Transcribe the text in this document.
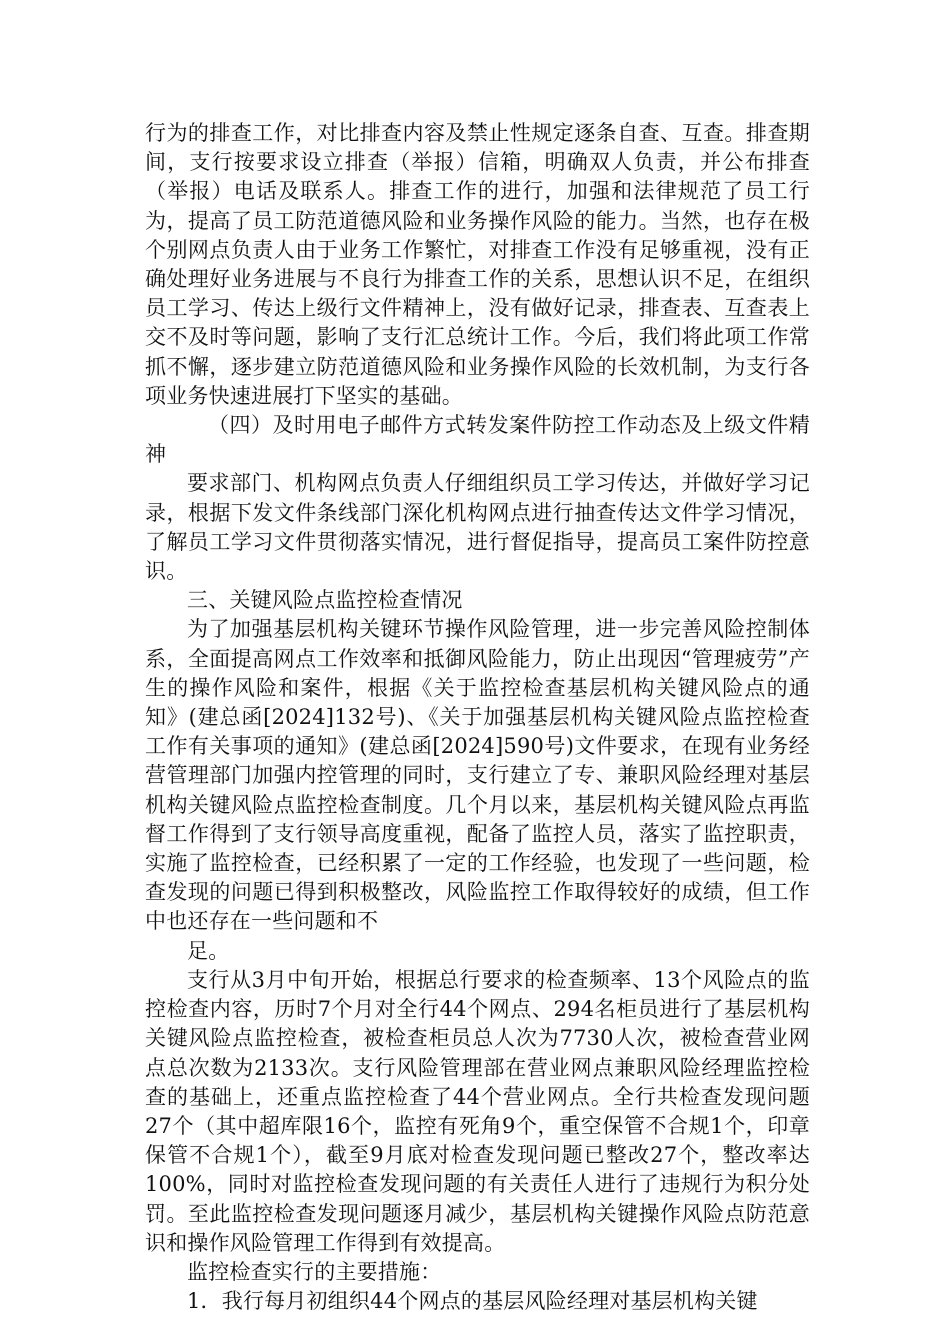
行为的排查工作，对比排查内容及禁止性规定逐条自查、互查。排查期间，支行按要求设立排查（举报）信箱，明确双人负责，并公布排查（举报）电话及联系人。排查工作的进行，加强和法律规范了员工行为，提高了员工防范道德风险和业务操作风险的能力。当然，也存在极个别网点负责人由于业务工作繁忙，对排查工作没有足够重视，没有正确处理好业务进展与不良行为排查工作的关系，思想认识不足，在组织员工学习、传达上级行文件精神上，没有做好记录，排查表、互查表上交不及时等问题，影响了支行汇总统计工作。今后，我们将此项工作常抓不懈，逐步建立防范道德风险和业务操作风险的长效机制，为支行各项业务快速进展打下坚实的基础。

（四）及时用电子邮件方式转发案件防控工作动态及上级文件精神

要求部门、机构网点负责人仔细组织员工学习传达，并做好学习记录，根据下发文件条线部门深化机构网点进行抽查传达文件学习情况，了解员工学习文件贯彻落实情况，进行督促指导，提高员工案件防控意识。

三、关键风险点监控检查情况

为了加强基层机构关键环节操作风险管理，进一步完善风险控制体系，全面提高网点工作效率和抵御风险能力，防止出现因“管理疲劳”产生的操作风险和案件，根据《关于监控检查基层机构关键风险点的通知》(建总函[2024]132号)、《关于加强基层机构关键风险点监控检查工作有关事项的通知》(建总函[2024]590号)文件要求，在现有业务经营管理部门加强内控管理的同时，支行建立了专、兼职风险经理对基层机构关键风险点监控检查制度。几个月以来，基层机构关键风险点再监督工作得到了支行领导高度重视，配备了监控人员，落实了监控职责，实施了监控检查，已经积累了一定的工作经验，也发现了一些问题，检查发现的问题已得到积极整改，风险监控工作取得较好的成绩，但工作中也还存在一些问题和不

足。

支行从3月中旬开始，根据总行要求的检查频率、13个风险点的监控检查内容，历时7个月对全行44个网点、294名柜员进行了基层机构关键风险点监控检查，被检查柜员总人次为7730人次，被检查营业网点总次数为2133次。支行风险管理部在营业网点兼职风险经理监控检查的基础上，还重点监控检查了44个营业网点。全行共检查发现问题27个（其中超库限16个，监控有死角9个，重空保管不合规1个，印章保管不合规1个），截至9月底对检查发现问题已整改27个，整改率达100%，同时对监控检查发现问题的有关责任人进行了违规行为积分处罚。至此监控检查发现问题逐月减少，基层机构关键操作风险点防范意识和操作风险管理工作得到有效提高。

监控检查实行的主要措施：

1．我行每月初组织44个网点的基层风险经理对基层机构关键
